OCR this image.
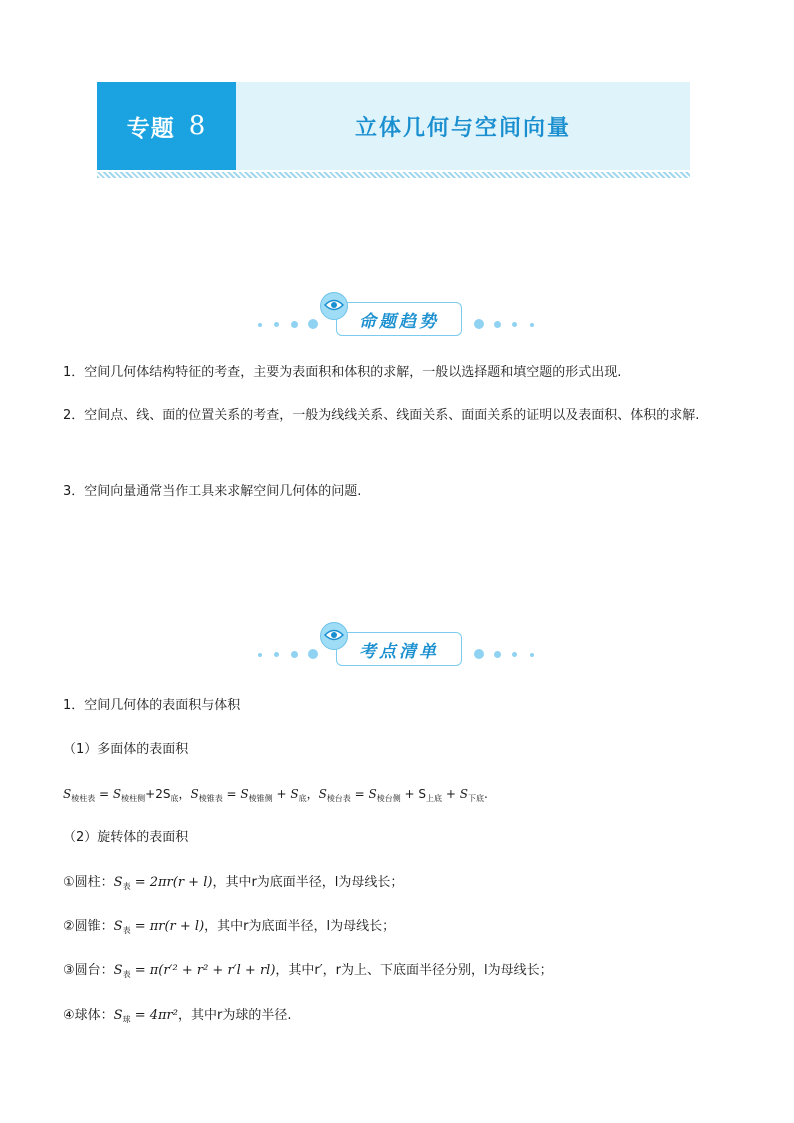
专题 8	立体几何与空间向量
命题趋势
1．空间几何体结构特征的考查，主要为表面积和体积的求解，一般以选择题和填空题的形式出现.
2．空间点、线、面的位置关系的考查，一般为线线关系、线面关系、面面关系的证明以及表面积、体积的求解.
3．空间向量通常当作工具来求解空间几何体的问题.
考点清单
1．空间几何体的表面积与体积
（1）多面体的表面积
$S_{棱柱表} = S_{棱柱侧}+2S_底$，$S_{棱锥表} = S_{棱锥侧} + S_底$，$S_{棱台表} = S_{棱台侧} + S_{上底} + S_{下底}$.
（2）旋转体的表面积
①圆柱：$S_表 = 2\pi r(r + l)$，其中r为底面半径，l为母线长；
②圆锥：$S_表 = \pi r(r + l)$，其中r为底面半径，l为母线长；
③圆台：$S_表 = \pi(r'^2 + r^2 + r'l + rl)$，其中r′，r为上、下底面半径分别，l为母线长；
④球体：$S_球 = 4\pi r^2$，其中r为球的半径.
